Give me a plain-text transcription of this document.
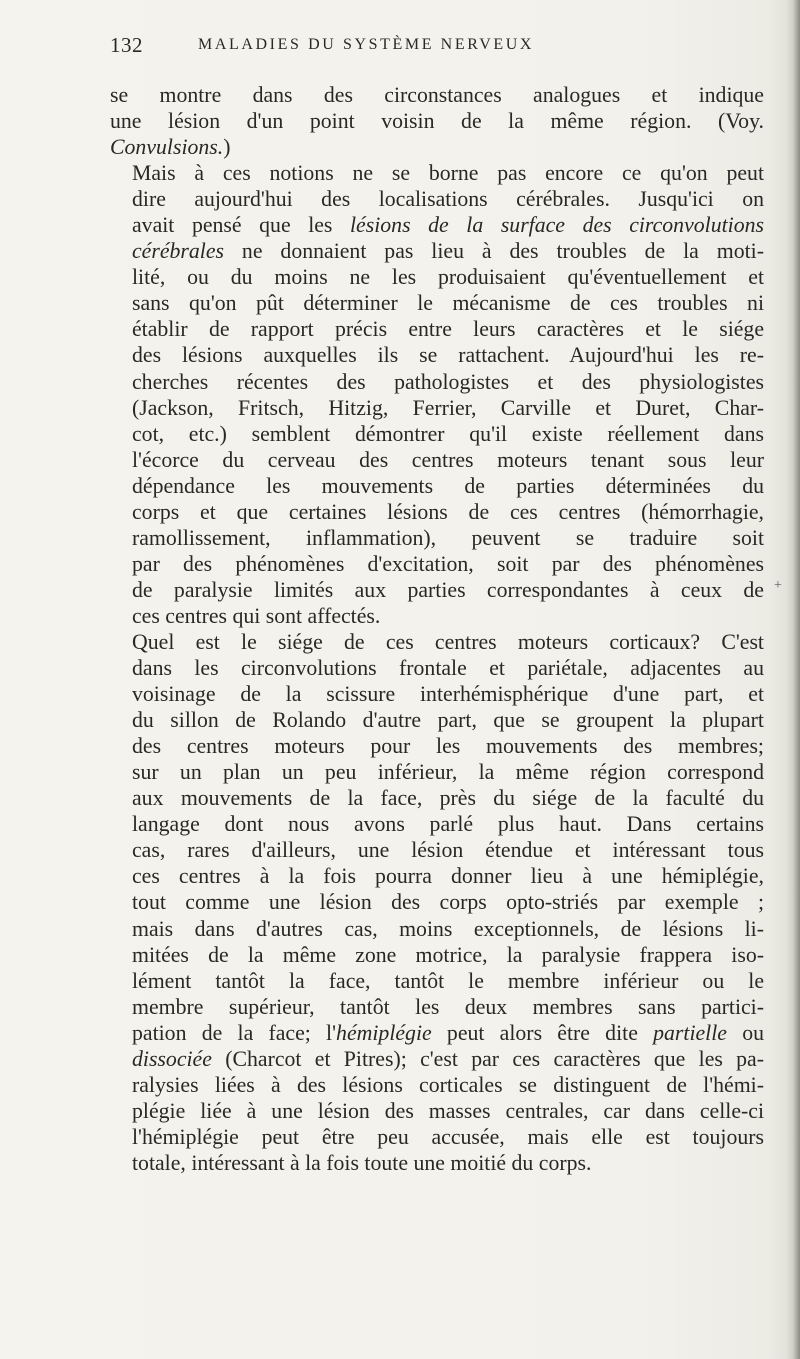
132	MALADIES DU SYSTÈME NERVEUX
+

se montre dans des circonstances analogues et indique
une lésion d'un point voisin de la même région. (Voy.
Convulsions.)

Mais à ces notions ne se borne pas encore ce qu'on peut
dire aujourd'hui des localisations cérébrales. Jusqu'ici on
avait pensé que les lésions de la surface des circonvolutions
cérébrales ne donnaient pas lieu à des troubles de la moti-
lité, ou du moins ne les produisaient qu'éventuellement et
sans qu'on pût déterminer le mécanisme de ces troubles ni
établir de rapport précis entre leurs caractères et le siége
des lésions auxquelles ils se rattachent. Aujourd'hui les re-
cherches récentes des pathologistes et des physiologistes
(Jackson, Fritsch, Hitzig, Ferrier, Carville et Duret, Char-
cot, etc.) semblent démontrer qu'il existe réellement dans
l'écorce du cerveau des centres moteurs tenant sous leur
dépendance les mouvements de parties déterminées du
corps et que certaines lésions de ces centres (hémorrhagie,
ramollissement, inflammation), peuvent se traduire soit
par des phénomènes d'excitation, soit par des phénomènes
de paralysie limités aux parties correspondantes à ceux de
ces centres qui sont affectés.

Quel est le siége de ces centres moteurs corticaux? C'est
dans les circonvolutions frontale et pariétale, adjacentes au
voisinage de la scissure interhémisphérique d'une part, et
du sillon de Rolando d'autre part, que se groupent la plupart
des centres moteurs pour les mouvements des membres;
sur un plan un peu inférieur, la même région correspond
aux mouvements de la face, près du siége de la faculté du
langage dont nous avons parlé plus haut. Dans certains
cas, rares d'ailleurs, une lésion étendue et intéressant tous
ces centres à la fois pourra donner lieu à une hémiplégie,
tout comme une lésion des corps opto-striés par exemple ;
mais dans d'autres cas, moins exceptionnels, de lésions li-
mitées de la même zone motrice, la paralysie frappera iso-
lément tantôt la face, tantôt le membre inférieur ou le
membre supérieur, tantôt les deux membres sans partici-
pation de la face; l'hémiplégie peut alors être dite partielle ou
dissociée (Charcot et Pitres); c'est par ces caractères que les pa-
ralysies liées à des lésions corticales se distinguent de l'hémi-
plégie liée à une lésion des masses centrales, car dans celle-ci
l'hémiplégie peut être peu accusée, mais elle est toujours
totale, intéressant à la fois toute une moitié du corps.
